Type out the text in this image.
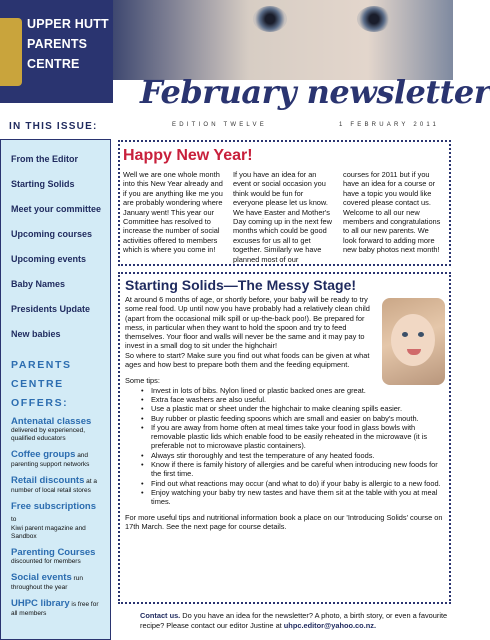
UPPER HUTT
PARENTS
CENTRE
February newsletter
IN THIS ISSUE:	EDITION TWELVE	1 FEBRUARY 2011
From the Editor
Starting Solids
Meet your committee
Upcoming courses
Upcoming events
Baby Names
Presidents Update
New babies
PARENTS
CENTRE
OFFERS:
Antenatal classes
delivered by experienced, qualified educators
Coffee groups and
parenting support networks
Retail discounts at a
number of local retail stores
Free subscriptions to
Kiwi parent magazine and Sandbox
Parenting Courses
discounted for members
Social events run
throughout the year
UHPC library is free for
all members
Happy New Year!
Well we are one whole month into this New Year already and if you are anything like me you are probably wondering where January went! This year our Committee has resolved to increase the number of social activities offered to members which is where you come in!
If you have an idea for an event or social occasion you think would be fun for everyone please let us know. We have Easter and Mother's Day coming up in the next few months which could be good excuses for us all to get together. Similarly we have planned most of our
courses for 2011 but if you have an idea for a course or have a topic you would like covered please contact us. Welcome to all our new members and congratulations to all our new parents. We look forward to adding more new baby photos next month!
Starting Solids—The Messy Stage!

At around 6 months of age, or shortly before, your baby will be ready to try some real food. Up until now you have probably had a relatively clean child (apart from the occasional milk spill or up-the-back poo!). Be prepared for mess, in particular when they want to hold the spoon and try to feed themselves. Your floor and walls will never be the same and it may pay to invest in a small dog to sit under the highchair!

So where to start? Make sure you find out what foods can be given at what ages and how best to prepare both them and the feeding equipment.

Some tips:
• Invest in lots of bibs. Nylon lined or plastic backed ones are great.
• Extra face washers are also useful.
• Use a plastic mat or sheet under the highchair to make cleaning spills easier.
• Buy rubber or plastic feeding spoons which are small and easier on baby's mouth.
• If you are away from home often at meal times take your food in glass bowls with removable plastic lids which enable food to be easily reheated in the microwave (it is preferable not to microwave plastic containers).
• Always stir thoroughly and test the temperature of any heated foods.
• Know if there is family history of allergies and be careful when introducing new foods for the first time.
• Find out what reactions may occur (and what to do) if your baby is allergic to a new food.
• Enjoy watching your baby try new tastes and have them sit at the table with you at meal times.
For more useful tips and nutritional information book a place on our 'Introducing Solids' course on 17th March. See the next page for course details.
Contact us. Do you have an idea for the newsletter? A photo, a birth story, or even a favourite recipe? Please contact our editor Justine at uhpc.editor@yahoo.co.nz.
